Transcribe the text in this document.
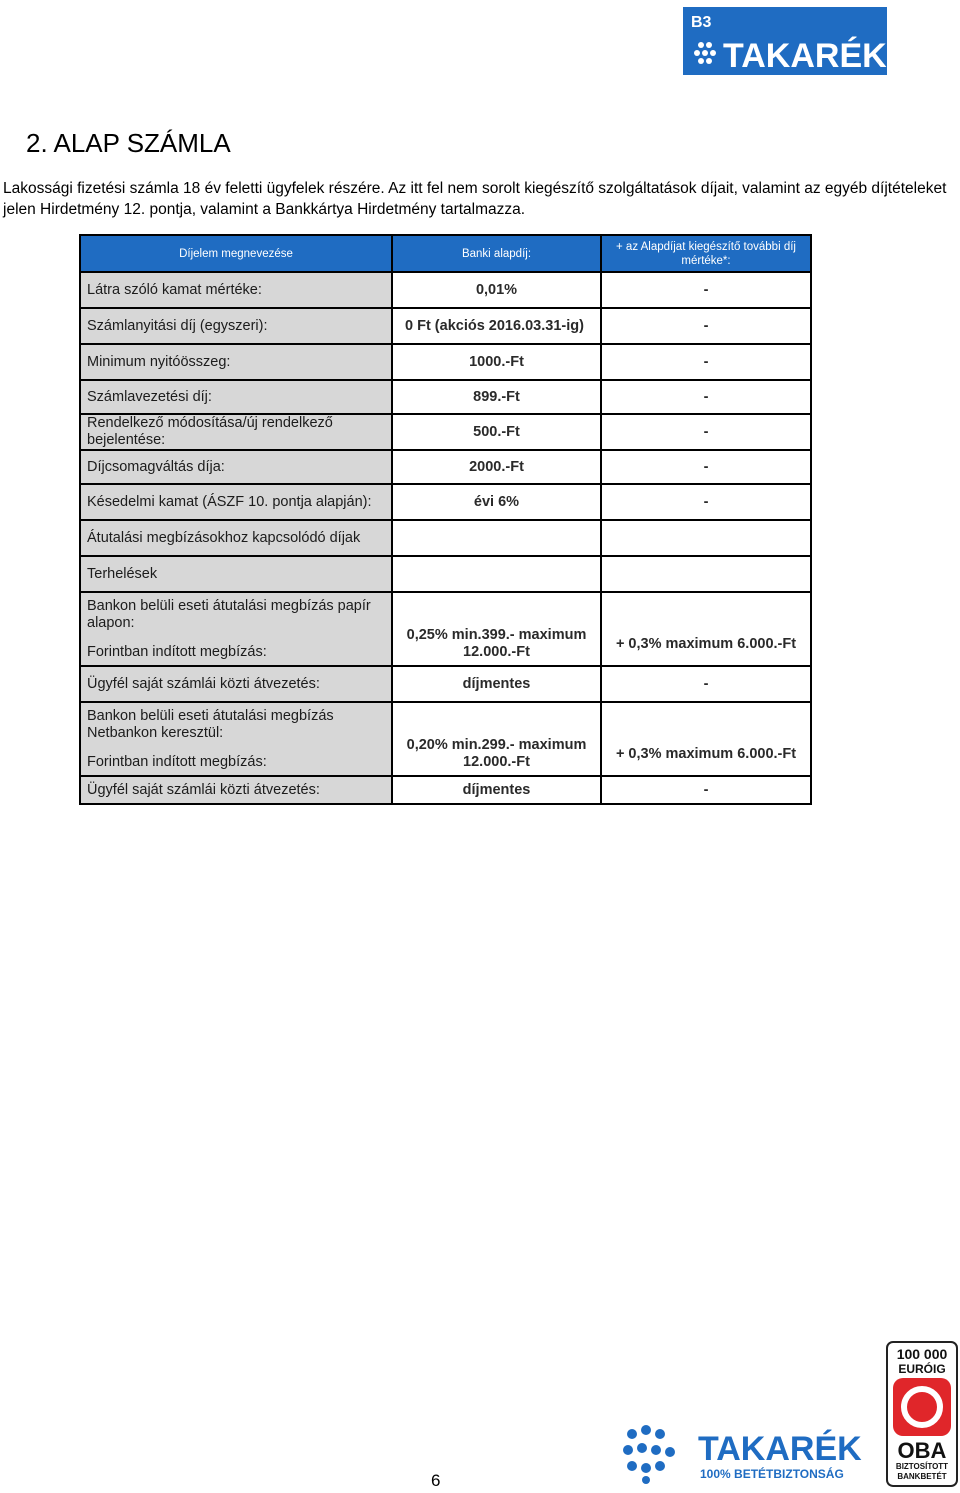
B3
TAKARÉK
2. ALAP SZÁMLA
Lakossági fizetési számla 18 év feletti ügyfelek részére. Az itt fel nem sorolt kiegészítő szolgáltatások díjait, valamint az egyéb díjtételeket jelen Hirdetmény 12. pontja, valamint a Bankkártya Hirdetmény tartalmazza.
Díjelem megnevezése	Banki alapdíj:	+ az Alapdíjat kiegészítő további díj mértéke*:
Látra szóló kamat mértéke:	0,01%	-
Számlanyitási díj (egyszeri):	0 Ft (akciós 2016.03.31-ig)	-
Minimum nyitóösszeg:	1000.-Ft	-
Számlavezetési díj:	899.-Ft	-
Rendelkező módosítása/új rendelkező bejelentése:	500.-Ft	-
Díjcsomagváltás díja:	2000.-Ft	-
Késedelmi kamat (ÁSZF 10. pontja alapján):	évi 6%	-
Átutalási megbízásokhoz kapcsolódó díjak		
Terhelések		

Bankon belüli eseti átutalási megbízás papír alapon:
Forintban indított megbízás:	0,25% min.399.- maximum 12.000.-Ft	+ 0,3% maximum 6.000.-Ft

Ügyfél saját számlái közti átvezetés:	díjmentes	-

Bankon belüli eseti átutalási megbízás Netbankon keresztül:
Forintban indított megbízás:	0,20% min.299.- maximum 12.000.-Ft	+ 0,3% maximum 6.000.-Ft

Ügyfél saját számlái közti átvezetés:	díjmentes	-
6
TAKARÉK
100% BETÉTBIZTONSÁG
100 000
EURÓIG
OBA
BIZTOSÍTOTT
BANKBETÉT
